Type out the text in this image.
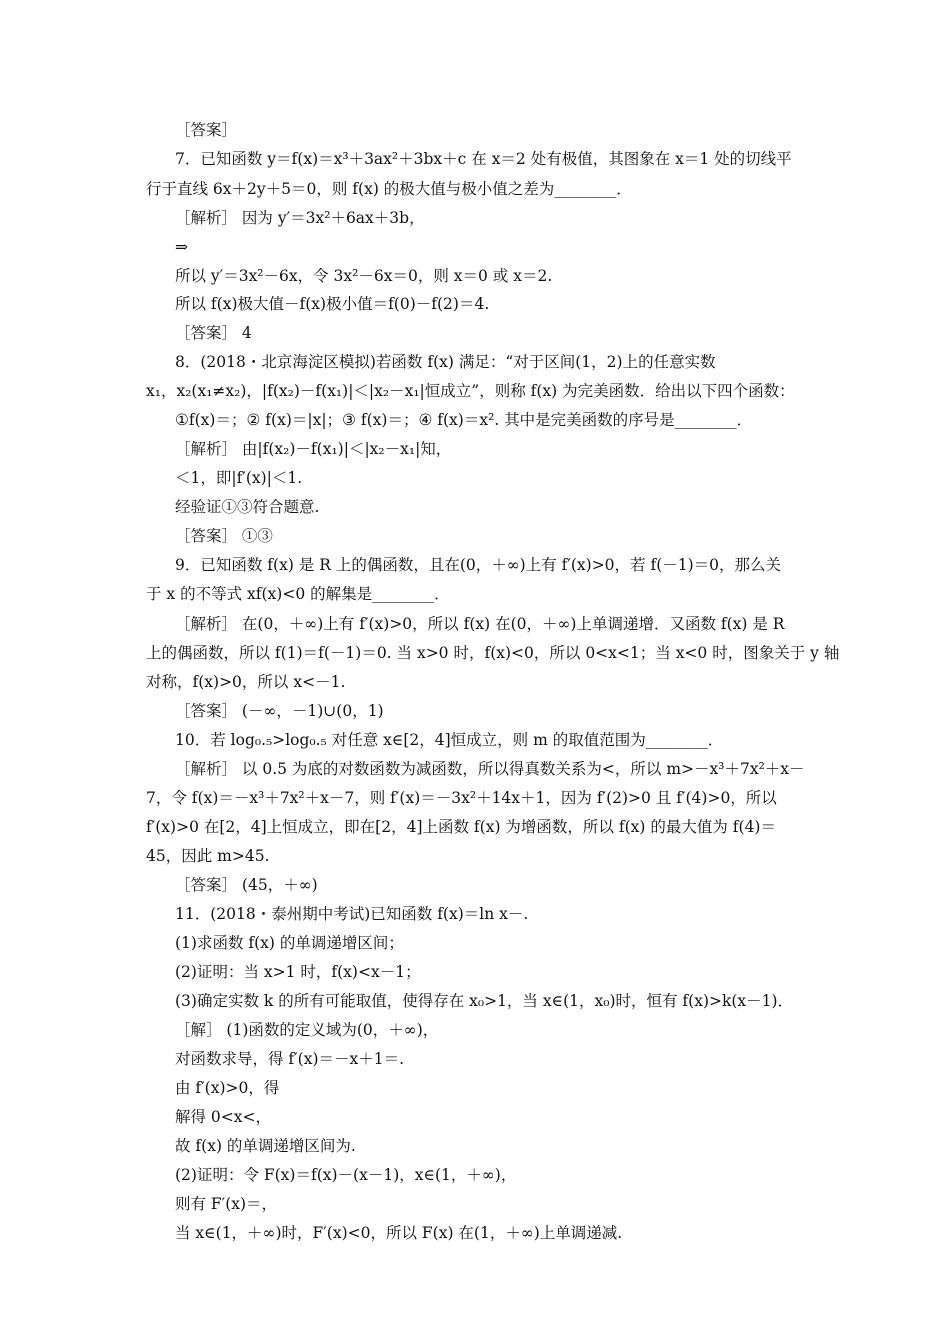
［答案］
7．已知函数 y＝f(x)＝x³＋3ax²＋3bx＋c 在 x＝2 处有极值，其图象在 x＝1 处的切线平
行于直线 6x＋2y＋5＝0，则 f(x) 的极大值与极小值之差为________．
［解析］ 因为 y′＝3x²＋6ax＋3b，
⇒
所以 y′＝3x²－6x，令 3x²－6x＝0，则 x＝0 或 x＝2.
所以 f(x)极大值－f(x)极小值＝f(0)－f(2)＝4.
［答案］ 4
8．(2018・北京海淀区模拟)若函数 f(x) 满足：“对于区间(1，2)上的任意实数
x₁，x₂(x₁≠x₂)，|f(x₂)－f(x₁)|＜|x₂－x₁|恒成立”，则称 f(x) 为完美函数．给出以下四个函数：
①f(x)＝；② f(x)＝|x|；③ f(x)＝；④ f(x)＝x². 其中是完美函数的序号是________．
［解析］ 由|f(x₂)－f(x₁)|＜|x₂－x₁|知，
＜1，即|f′(x)|＜1.
经验证①③符合题意.
［答案］ ①③
9．已知函数 f(x) 是 R 上的偶函数，且在(0，＋∞)上有 f′(x)>0，若 f(－1)＝0，那么关
于 x 的不等式 xf(x)<0 的解集是________．
［解析］ 在(0，＋∞)上有 f′(x)>0，所以 f(x) 在(0，＋∞)上单调递增．又函数 f(x) 是 R
上的偶函数，所以 f(1)＝f(－1)＝0. 当 x>0 时，f(x)<0，所以 0<x<1；当 x<0 时，图象关于 y 轴
对称，f(x)>0，所以 x<－1.
［答案］ (－∞，－1)∪(0，1)
10．若 log₀.₅>log₀.₅ 对任意 x∈[2，4]恒成立，则 m 的取值范围为________．
［解析］ 以 0.5 为底的对数函数为减函数，所以得真数关系为<，所以 m>－x³＋7x²＋x－
7，令 f(x)＝－x³＋7x²＋x－7，则 f′(x)＝－3x²＋14x＋1，因为 f′(2)>0 且 f′(4)>0，所以
f′(x)>0 在[2，4]上恒成立，即在[2，4]上函数 f(x) 为增函数，所以 f(x) 的最大值为 f(4)＝
45，因此 m>45.
［答案］ (45，＋∞)
11．(2018・泰州期中考试)已知函数 f(x)＝ln x－.
(1)求函数 f(x) 的单调递增区间；
(2)证明：当 x>1 时，f(x)<x－1；
(3)确定实数 k 的所有可能取值，使得存在 x₀>1，当 x∈(1，x₀)时，恒有 f(x)>k(x－1)．
［解］ (1)函数的定义域为(0，＋∞)，
对函数求导，得 f′(x)＝－x＋1＝.
由 f′(x)>0，得
解得 0<x<，
故 f(x) 的单调递增区间为.
(2)证明：令 F(x)＝f(x)－(x－1)，x∈(1，＋∞)，
则有 F′(x)＝，
当 x∈(1，＋∞)时，F′(x)<0，所以 F(x) 在(1，＋∞)上单调递减.
